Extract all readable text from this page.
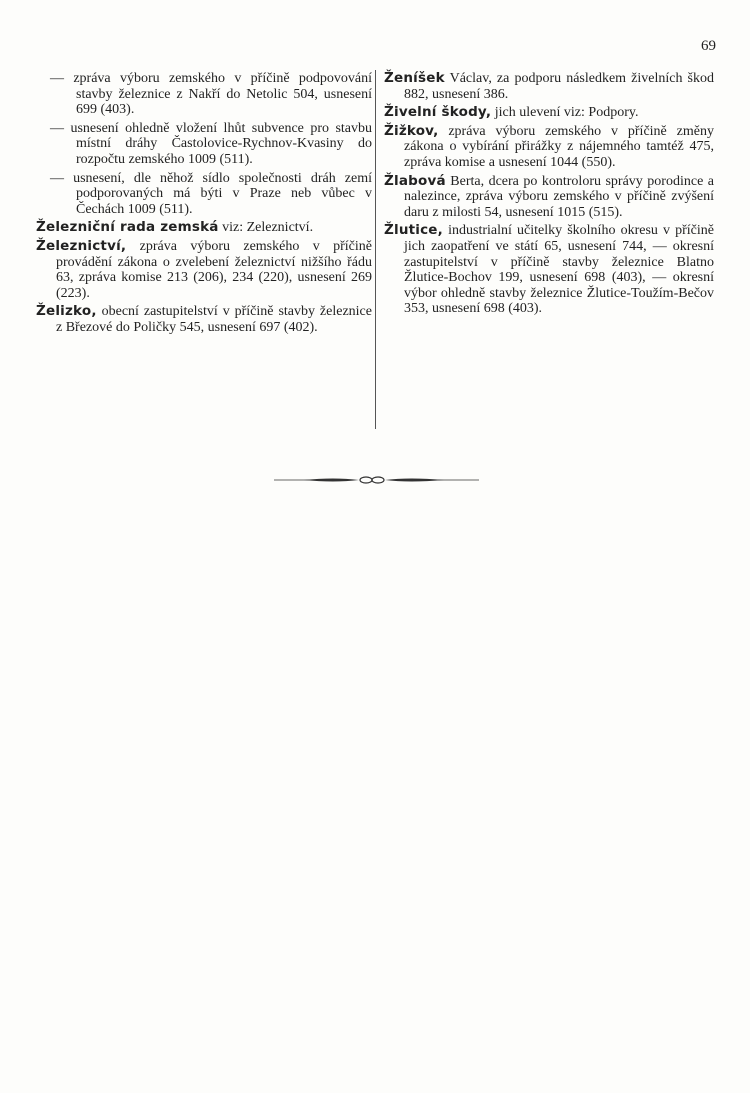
69

— zpráva výboru zemského v příčině podpovování stavby železnice z Nakří do Netolic 504, usnesení 699 (403).

— usnesení ohledně vložení lhůt subvence pro stavbu místní dráhy Častolovice-Rychnov-Kvasiny do rozpočtu zemského 1009 (511).

— usnesení, dle něhož sídlo společnosti dráh zemí podporovaných má býti v Praze neb vůbec v Čechách 1009 (511).

Železniční rada zemská viz: Zeleznictví.

Železnictví, zpráva výboru zemského v příčině provádění zákona o zvelebení železnictví nižšího řádu 63, zpráva komise 213 (206), 234 (220), usnesení 269 (223).

Želizko, obecní zastupitelství v příčině stavby železnice z Březové do Poličky 545, usnesení 697 (402).

Ženíšek Václav, za podporu následkem živelních škod 882, usnesení 386.

Živelní škody, jich ulevení viz: Podpory.

Žižkov, zpráva výboru zemského v příčině změny zákona o vybírání přirážky z nájemného tamtéž 475, zpráva komise a usnesení 1044 (550).

Žlabová Berta, dcera po kontroloru správy porodince a nalezince, zpráva výboru zemského v příčině zvýšení daru z milosti 54, usnesení 1015 (515).

Žlutice, industrialní učitelky školního okresu v příčině jich zaopatření ve státí 65, usnesení 744, — okresní zastupitelství v příčině stavby železnice Blatno Žlutice-Bochov 199, usnesení 698 (403), — okresní výbor ohledně stavby železnice Žlutice-Toužím-Bečov 353, usnesení 698 (403).
